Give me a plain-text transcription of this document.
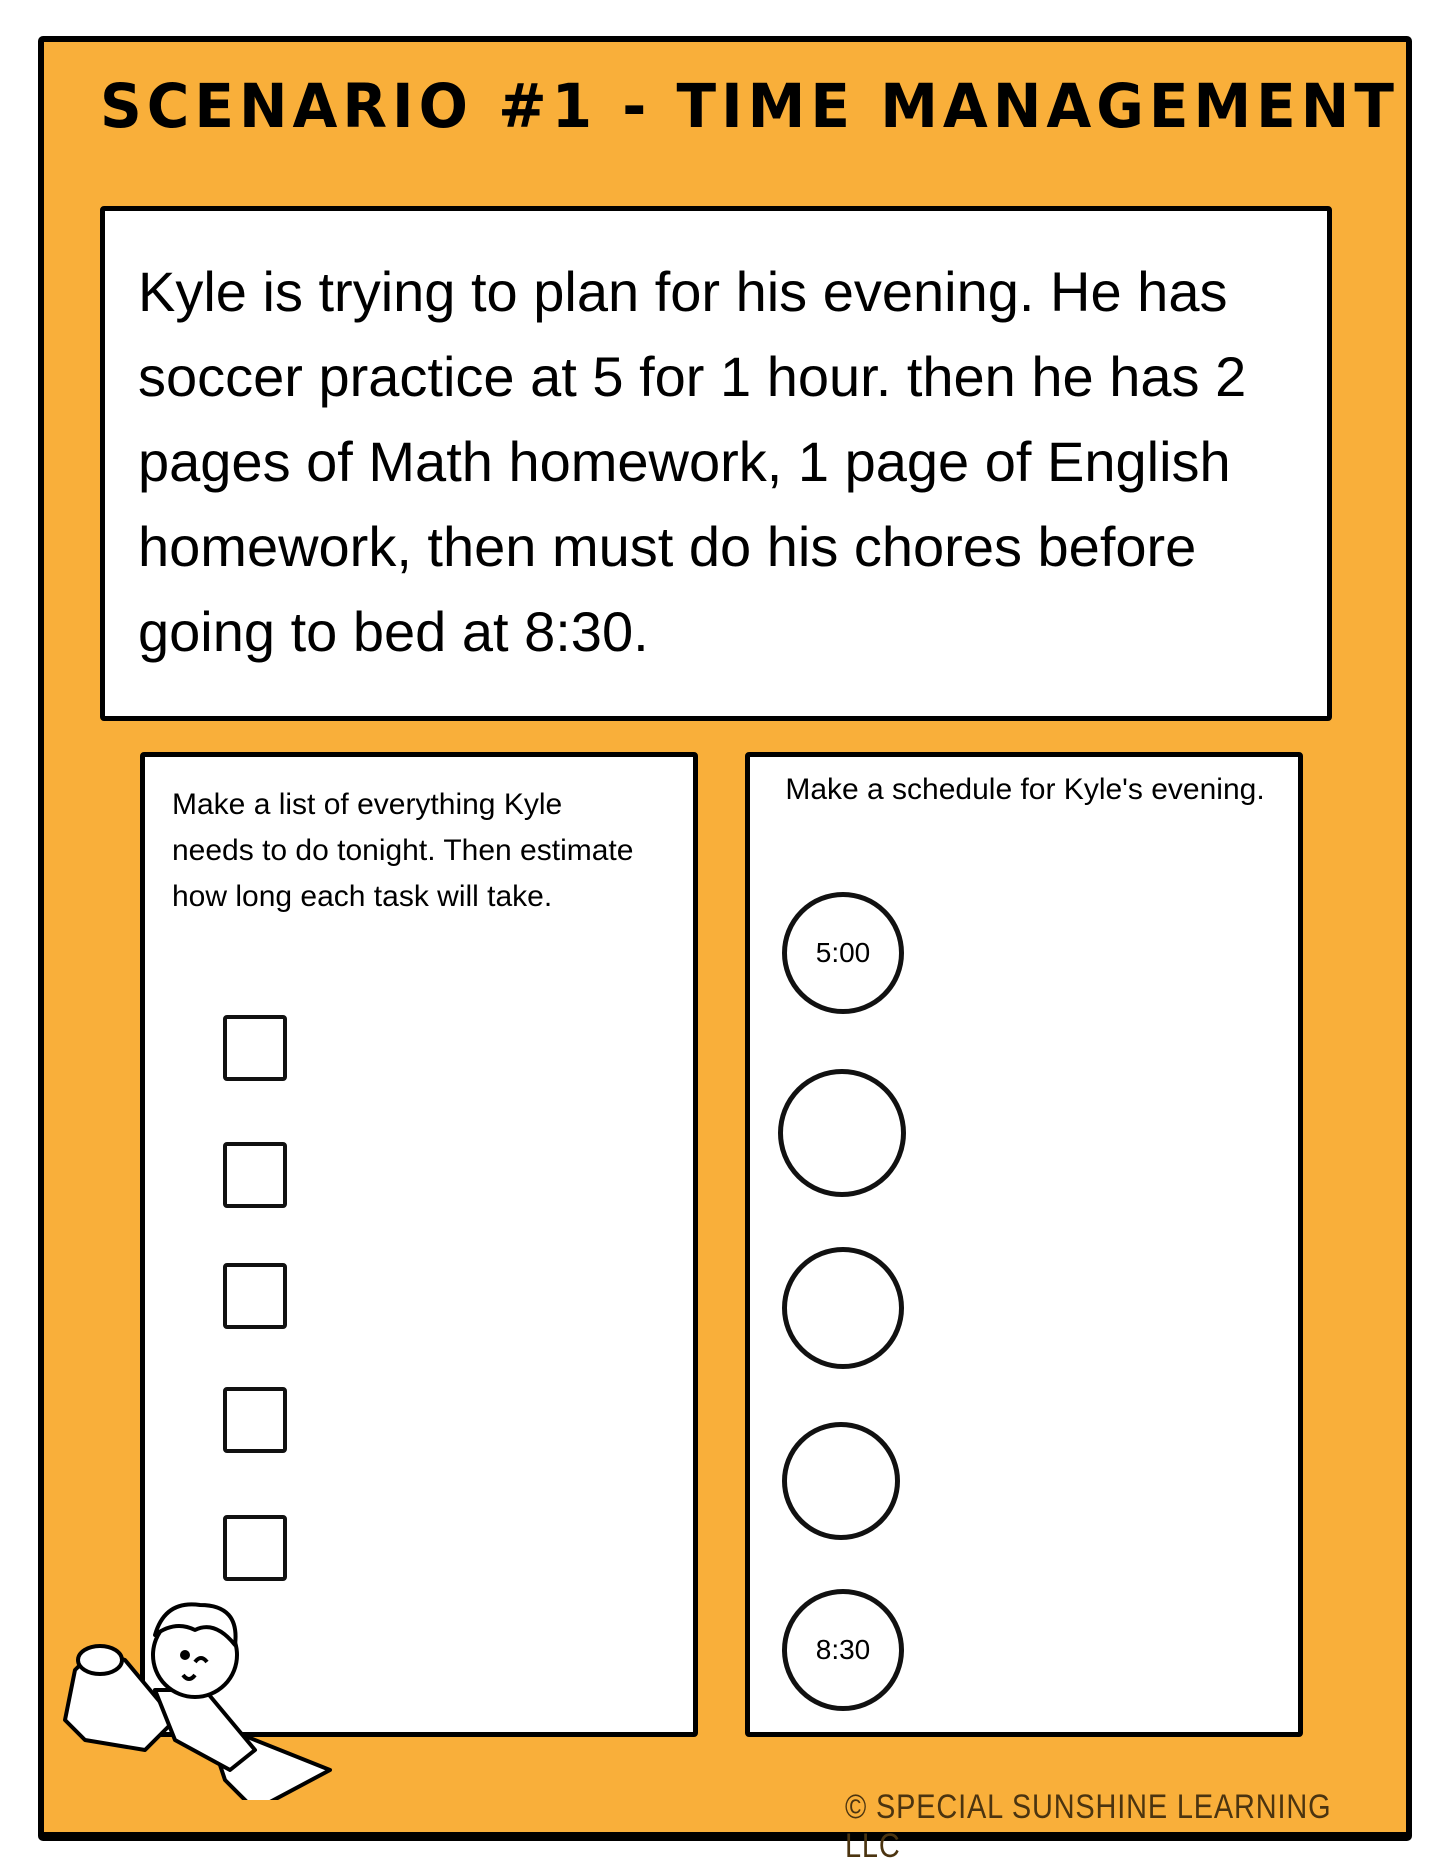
SCENARIO #1 - TIME MANAGEMENT

Kyle is trying to plan for his evening. He has soccer practice at 5 for 1 hour. then he has 2 pages of Math homework, 1 page of English homework, then must do his chores before going to bed at 8:30.

Make a list of everything Kyle needs to do tonight. Then estimate how long each task will take.
Make a schedule for Kyle's evening.
5:00
8:30
© SPECIAL SUNSHINE LEARNING LLC
